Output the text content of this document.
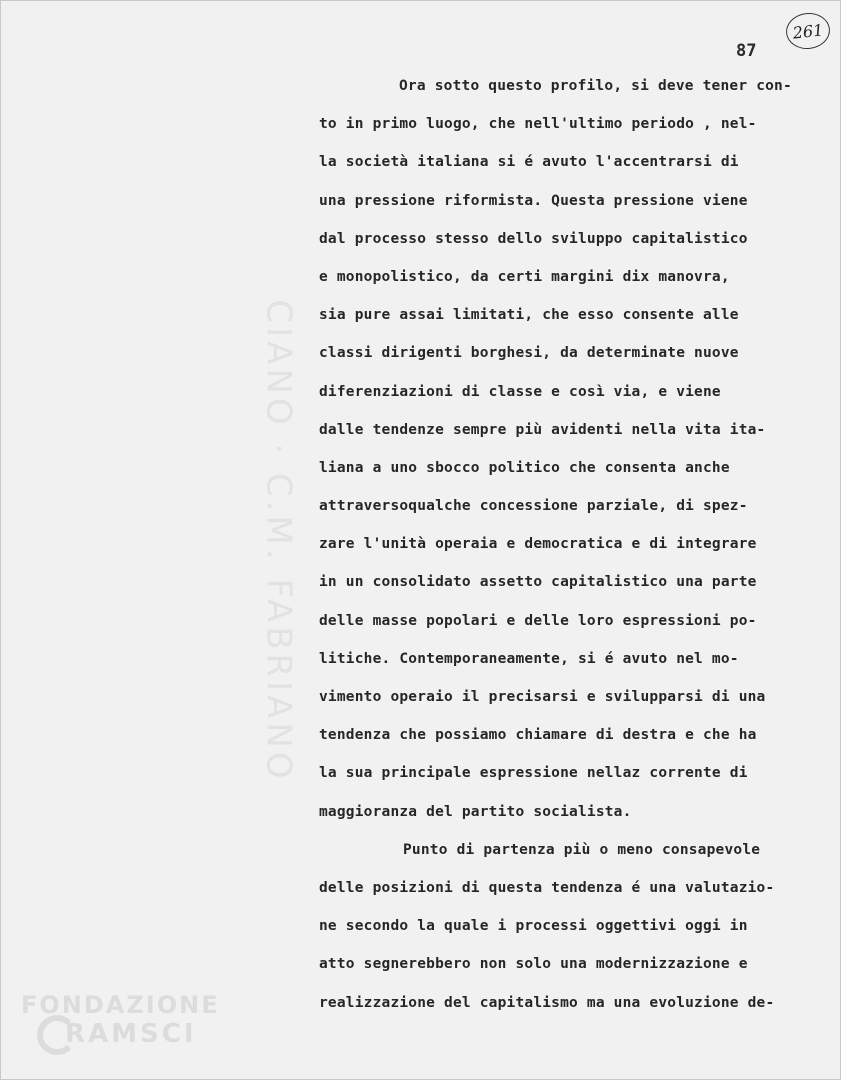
CIANO · C.M. FABRIANO
261
87
Ora sotto questo profilo, si deve tener con-
to in primo luogo, che nell'ultimo periodo , nel-
la società italiana si é avuto l'accentrarsi di
una pressione riformista. Questa pressione viene
dal processo stesso dello sviluppo capitalistico
e monopolistico, da certi margini dix manovra,
sia pure assai limitati, che esso consente alle
classi dirigenti borghesi, da determinate nuove
diferenziazioni di classe e così via, e viene
dalle tendenze sempre più avidenti nella vita ita-
liana a uno sbocco politico che consenta anche
attraversoqualche concessione parziale, di spez-
zare l'unità operaia e democratica e di integrare
in un consolidato assetto capitalistico una parte
delle masse popolari e delle loro espressioni po-
litiche. Contemporaneamente, si é avuto nel mo-
vimento operaio il precisarsi e svilupparsi di una
tendenza che possiamo chiamare di destra e che ha
la sua principale espressione nellaz corrente di
maggioranza del partito socialista.
Punto di partenza più o meno consapevole
delle posizioni di questa tendenza é una valutazio-
ne secondo la quale i processi oggettivi oggi in
atto segnerebbero non solo una modernizzazione e
realizzazione del capitalismo ma una evoluzione de-
FONDAZIONE
RAMSCI
